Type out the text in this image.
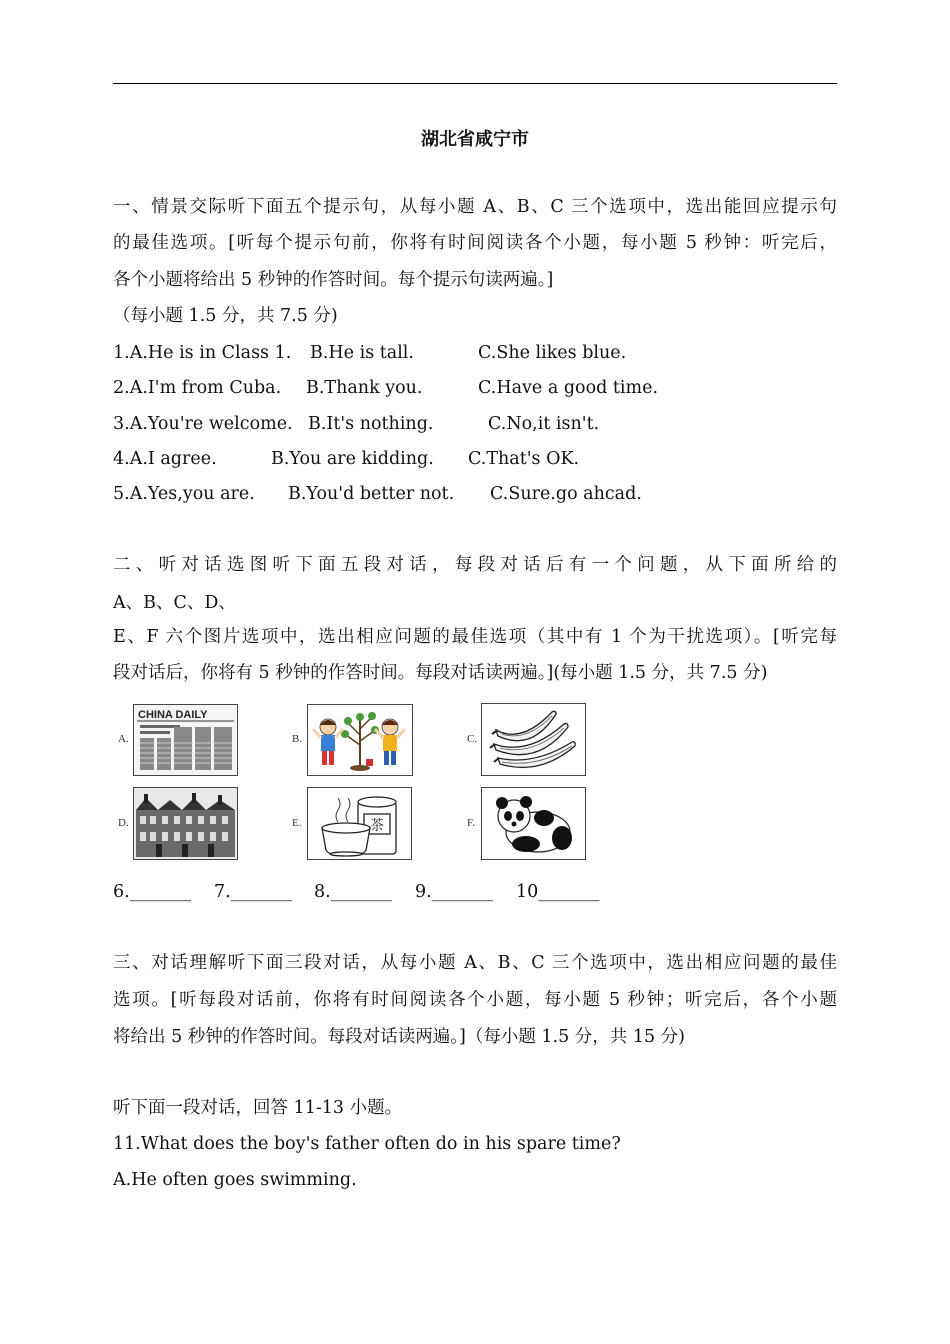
湖北省咸宁市
一、情景交际听下面五个提示句，从每小题 A、B、C 三个选项中，选出能回应提示句
的最佳选项。[听每个提示句前，你将有时间阅读各个小题，每小题 5 秒钟：听完后，
各个小题将给出 5 秒钟的作答时间。每个提示句读两遍。]
（每小题 1.5 分，共 7.5 分)
1.A.He is in Class 1. B.He is tall.	C.She likes blue.
2.A.I'm from Cuba. B.Thank you.	C.Have a good time.
3.A.You're welcome. B.It's nothing.	C.No,it isn't.
4.A.I agree.	B.You are kidding. C.That's OK.
5.A.Yes,you are. B.You'd better not. C.Sure.go ahcad.
二、听对话选图听下面五段对话，每段对话后有一个问题，从下面所给的
A、B、C、D、
E、F 六个图片选项中，选出相应问题的最佳选项（其中有 1 个为干扰选项）。[听完每
段对话后，你将有 5 秒钟的作答时间。每段对话读两遍。](每小题 1.5 分，共 7.5 分)
A.
CHINA DAILY
B.	C.
D.	E.	茶	F.
6._______ 7._______ 8._______ 9._______ 10_______
三、对话理解听下面三段对话，从每小题 A、B、C 三个选项中，选出相应问题的最佳
选项。[听每段对话前，你将有时间阅读各个小题，每小题 5 秒钟；听完后，各个小题
将给出 5 秒钟的作答时间。每段对话读两遍。]（每小题 1.5 分，共 15 分)
听下面一段对话，回答 11-13 小题。
11.What does the boy's father often do in his spare time?
A.He often goes swimming.
